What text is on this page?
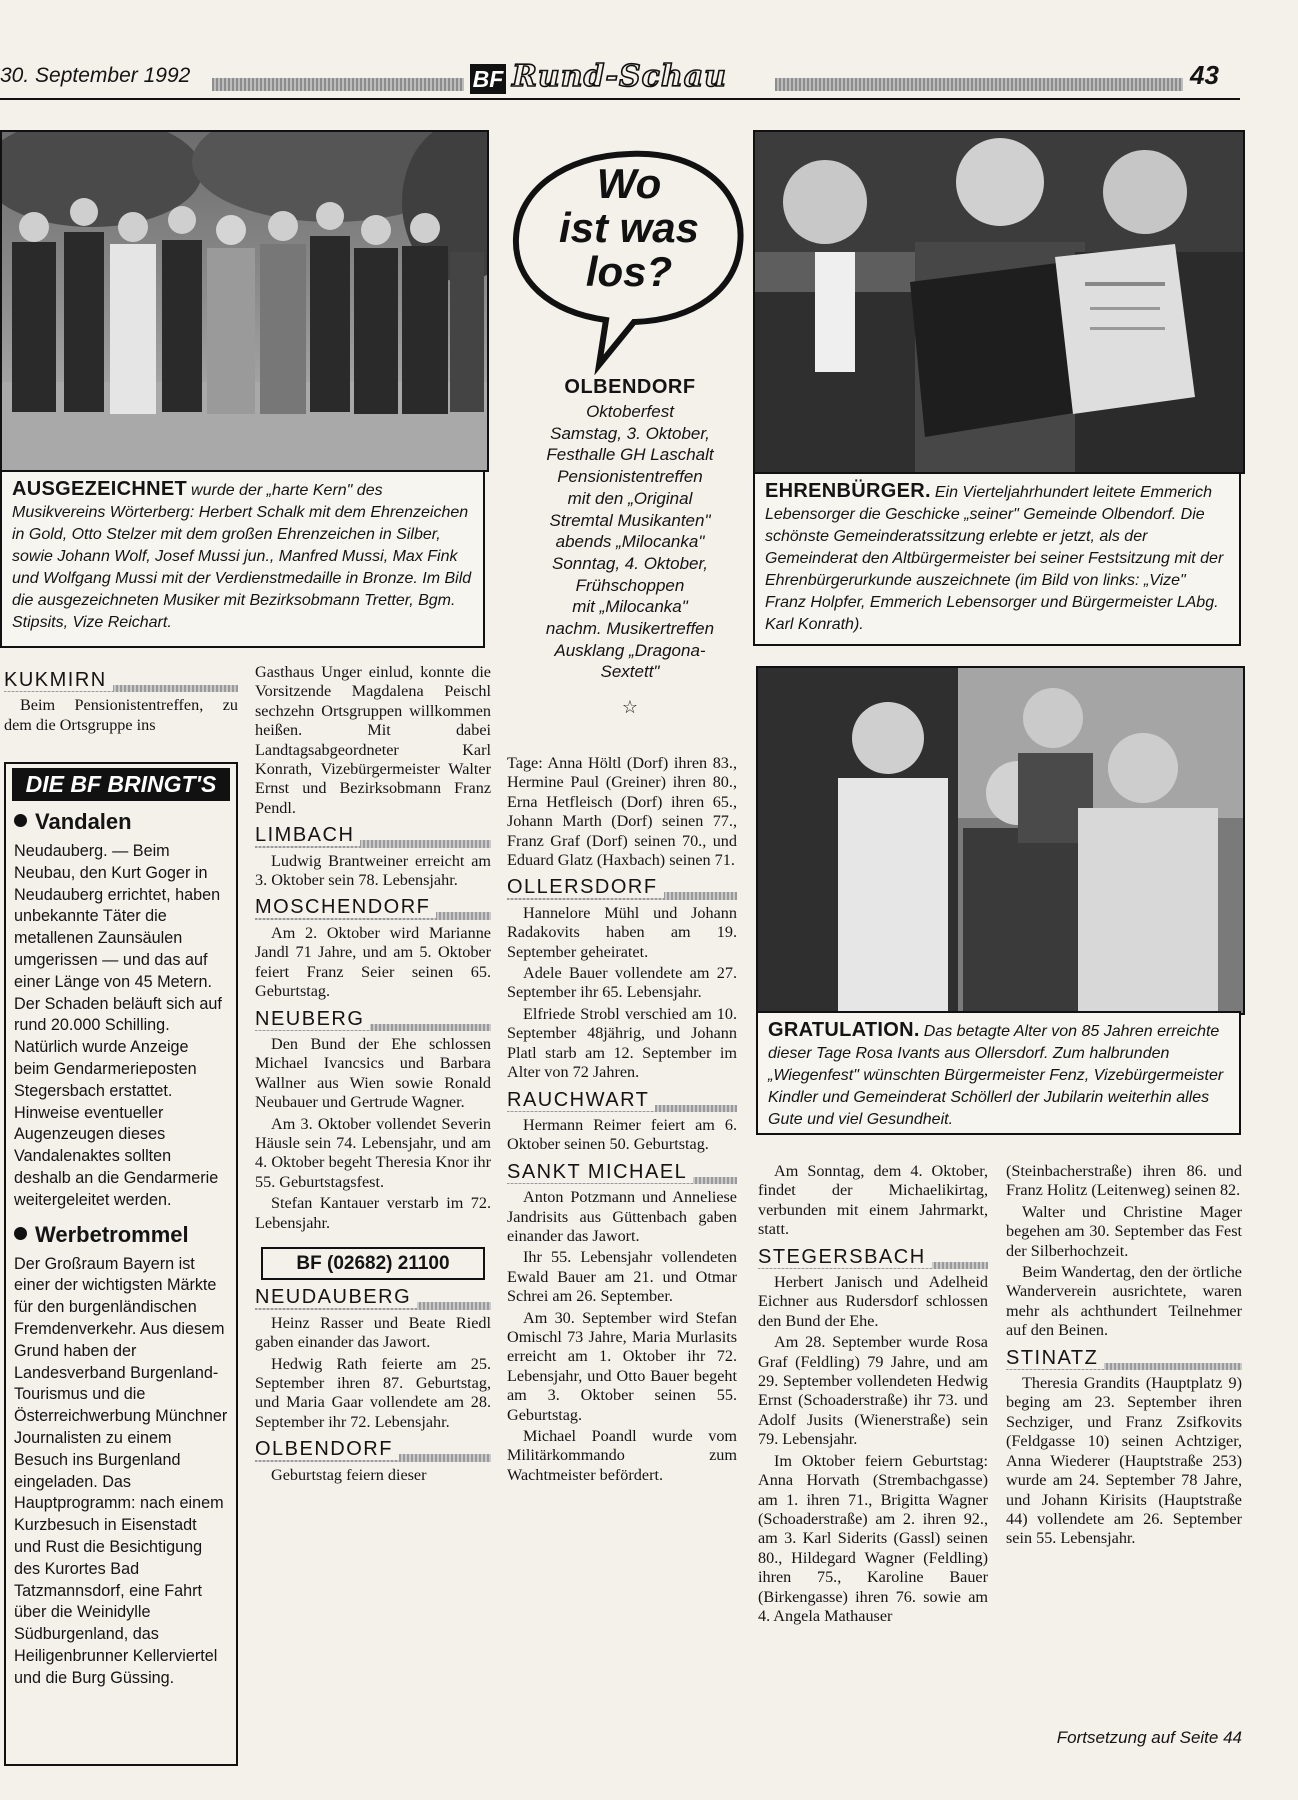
30. September 1992	BF Rund-Schau	43
AUSGEZEICHNET wurde der „harte Kern" des Musikvereins Wörterberg: Herbert Schalk mit dem Ehrenzeichen in Gold, Otto Stelzer mit dem großen Ehrenzeichen in Silber, sowie Johann Wolf, Josef Mussi jun., Manfred Mussi, Max Fink und Wolfgang Mussi mit der Verdienstmedaille in Bronze. Im Bild die ausgezeichneten Musiker mit Bezirksobmann Tretter, Bgm. Stipsits, Vize Reichart.
Wo
ist was
los?
OLBENDORF
Oktoberfest
Samstag, 3. Oktober,
Festhalle GH Laschalt
Pensionistentreffen
mit den „Original
Stremtal Musikanten"
abends „Milocanka"
Sonntag, 4. Oktober,
Frühschoppen
mit „Milocanka"
nachm. Musikertreffen
Ausklang „Dragona-
Sextett"
☆
EHRENBÜRGER. Ein Vierteljahrhundert leitete Emmerich Lebensorger die Geschicke „seiner" Gemeinde Olbendorf. Die schönste Gemeinderatssitzung erlebte er jetzt, als der Gemeinderat den Altbürgermeister bei seiner Festsitzung mit der Ehrenbürgerurkunde auszeichnete (im Bild von links: „Vize" Franz Holpfer, Emmerich Lebensorger und Bürgermeister LAbg. Karl Konrath).
GRATULATION. Das betagte Alter von 85 Jahren erreichte dieser Tage Rosa Ivants aus Ollersdorf. Zum halbrunden „Wiegenfest" wünschten Bürgermeister Fenz, Vizebürgermeister Kindler und Gemeinderat Schöllerl der Jubilarin weiterhin alles Gute und viel Gesundheit.
KUKMIRN

Beim Pensionistentreffen, zu dem die Ortsgruppe ins

DIE BF BRINGT'S
Vandalen
Neudauberg. — Beim Neubau, den Kurt Goger in Neudauberg errichtet, haben unbekannte Täter die metallenen Zaunsäulen umgerissen — und das auf einer Länge von 45 Metern. Der Schaden beläuft sich auf rund 20.000 Schilling. Natürlich wurde Anzeige beim Gendarmerieposten Stegersbach erstattet. Hinweise eventueller Augenzeugen dieses Vandalenaktes sollten deshalb an die Gendarmerie weitergeleitet werden.
Werbetrommel
Der Großraum Bayern ist einer der wichtigsten Märkte für den burgenländischen Fremdenverkehr. Aus diesem Grund haben der Landesverband Burgenland-Tourismus und die Österreichwerbung Münchner Journalisten zu einem Besuch ins Burgenland eingeladen. Das Hauptprogramm: nach einem Kurzbesuch in Eisenstadt und Rust die Besichtigung des Kurortes Bad Tatzmannsdorf, eine Fahrt über die Weinidylle Südburgenland, das Heiligenbrunner Kellerviertel und die Burg Güssing.

Gasthaus Unger einlud, konnte die Vorsitzende Magdalena Peischl sechzehn Ortsgruppen willkommen heißen. Mit dabei Landtagsabgeordneter Karl Konrath, Vizebürgermeister Walter Ernst und Bezirksobmann Franz Pendl.

LIMBACH

Ludwig Brantweiner erreicht am 3. Oktober sein 78. Lebensjahr.

MOSCHENDORF

Am 2. Oktober wird Marianne Jandl 71 Jahre, und am 5. Oktober feiert Franz Seier seinen 65. Geburtstag.

NEUBERG

Den Bund der Ehe schlossen Michael Ivancsics und Barbara Wallner aus Wien sowie Ronald Neubauer und Gertrude Wagner.

Am 3. Oktober vollendet Severin Häusle sein 74. Lebensjahr, und am 4. Oktober begeht Theresia Knor ihr 55. Geburtstagsfest.

Stefan Kantauer verstarb im 72. Lebensjahr.

BF (02682) 21100
NEUDAUBERG

Heinz Rasser und Beate Riedl gaben einander das Jawort.

Hedwig Rath feierte am 25. September ihren 87. Geburtstag, und Maria Gaar vollendete am 28. September ihr 72. Lebensjahr.

OLBENDORF

Geburtstag feiern dieser

Tage: Anna Höltl (Dorf) ihren 83., Hermine Paul (Greiner) ihren 80., Erna Hetfleisch (Dorf) ihren 65., Johann Marth (Dorf) seinen 77., Franz Graf (Dorf) seinen 70., und Eduard Glatz (Haxbach) seinen 71.

OLLERSDORF

Hannelore Mühl und Johann Radakovits haben am 19. September geheiratet.

Adele Bauer vollendete am 27. September ihr 65. Lebensjahr.

Elfriede Strobl verschied am 10. September 48jährig, und Johann Platl starb am 12. September im Alter von 72 Jahren.

RAUCHWART

Hermann Reimer feiert am 6. Oktober seinen 50. Geburtstag.

SANKT MICHAEL

Anton Potzmann und Anneliese Jandrisits aus Güttenbach gaben einander das Jawort.

Ihr 55. Lebensjahr vollendeten Ewald Bauer am 21. und Otmar Schrei am 26. September.

Am 30. September wird Stefan Omischl 73 Jahre, Maria Murlasits erreicht am 1. Oktober ihr 72. Lebensjahr, und Otto Bauer begeht am 3. Oktober seinen 55. Geburtstag.

Michael Poandl wurde vom Militärkommando zum Wachtmeister befördert.

Am Sonntag, dem 4. Oktober, findet der Michaelikirtag, verbunden mit einem Jahrmarkt, statt.

STEGERSBACH

Herbert Janisch und Adelheid Eichner aus Rudersdorf schlossen den Bund der Ehe.

Am 28. September wurde Rosa Graf (Feldling) 79 Jahre, und am 29. September vollendeten Hedwig Ernst (Schoaderstraße) ihr 73. und Adolf Jusits (Wienerstraße) sein 79. Lebensjahr.

Im Oktober feiern Geburtstag: Anna Horvath (Strembachgasse) am 1. ihren 71., Brigitta Wagner (Schoaderstraße) am 2. ihren 92., am 3. Karl Siderits (Gassl) seinen 80., Hildegard Wagner (Feldling) ihren 75., Karoline Bauer (Birkengasse) ihren 76. sowie am 4. Angela Mathauser

(Steinbacherstraße) ihren 86. und Franz Holitz (Leitenweg) seinen 82.

Walter und Christine Mager begehen am 30. September das Fest der Silberhochzeit.

Beim Wandertag, den der örtliche Wanderverein ausrichtete, waren mehr als achthundert Teilnehmer auf den Beinen.

STINATZ

Theresia Grandits (Hauptplatz 9) beging am 23. September ihren Sechziger, und Franz Zsifkovits (Feldgasse 10) seinen Achtziger, Anna Wiederer (Hauptstraße 253) wurde am 24. September 78 Jahre, und Johann Kirisits (Hauptstraße 44) vollendete am 26. September sein 55. Lebensjahr.

Fortsetzung auf Seite 44
